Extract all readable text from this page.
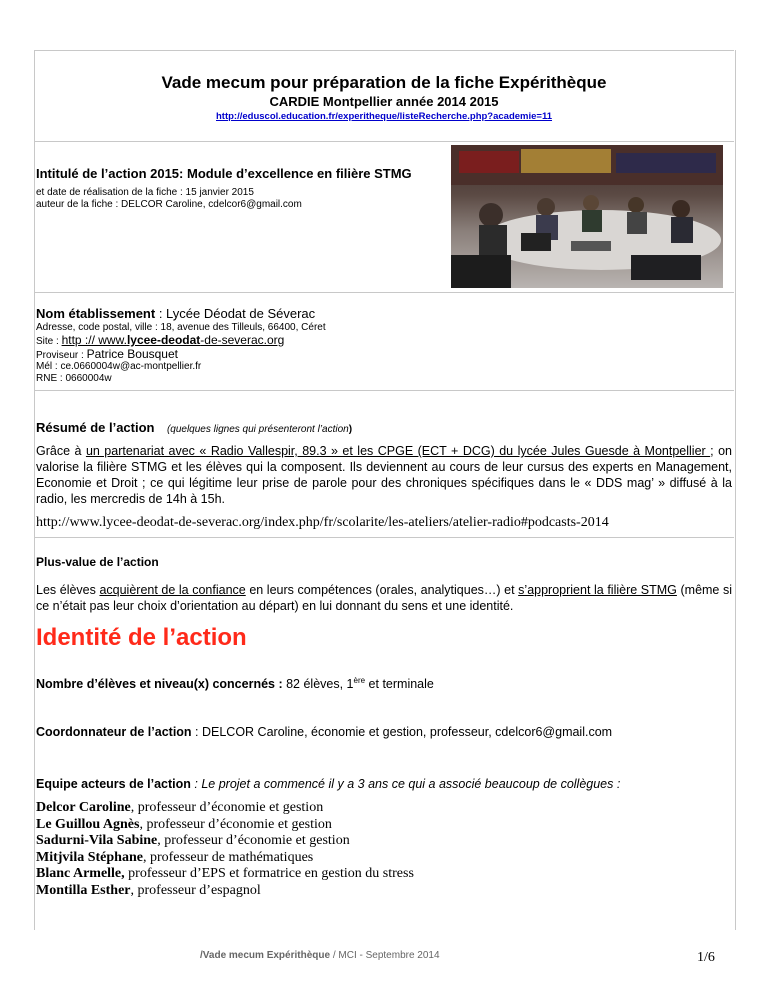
Vade mecum pour préparation de la fiche Expérithèque
CARDIE Montpellier année 2014 2015
http://eduscol.education.fr/experitheque/listeRecherche.php?academie=11
Intitulé de l’action 2015: Module d’excellence en filière STMG
et date de réalisation de la fiche : 15 janvier 2015
auteur de la fiche : DELCOR Caroline, cdelcor6@gmail.com
Nom établissement : Lycée Déodat de Séverac
Adresse, code postal, ville : 18, avenue des Tilleuls, 66400, Céret
Site : http :// www.lycee-deodat-de-severac.org
Proviseur : Patrice Bousquet
Mél : ce.0660004w@ac-montpellier.fr
RNE : 0660004w
Résumé de l’action (quelques lignes qui présenteront l’action)
Grâce à un partenariat avec « Radio Vallespir, 89.3 » et les CPGE (ECT + DCG) du lycée Jules Guesde à Montpellier ; on valorise la filière STMG et les élèves qui la composent. Ils deviennent au cours de leur cursus des experts en Management, Economie et Droit ; ce qui légitime leur prise de parole pour des chroniques spécifiques dans le « DDS mag’ » diffusé à la radio, les mercredis de 14h à 15h.
http://www.lycee-deodat-de-severac.org/index.php/fr/scolarite/les-ateliers/atelier-radio#podcasts-2014
Plus-value de l’action
Les élèves acquièrent de la confiance en leurs compétences (orales, analytiques…) et s’approprient la filière STMG (même si ce n’était pas leur choix d’orientation au départ) en lui donnant du sens et une identité.
Identité de l’action
Nombre d’élèves et niveau(x) concernés : 82 élèves, 1ère et terminale
Coordonnateur de l’action : DELCOR Caroline, économie et gestion, professeur, cdelcor6@gmail.com
Equipe acteurs de l’action : Le projet a commencé il y a 3 ans ce qui a associé beaucoup de collègues :
Delcor Caroline, professeur d’économie et gestion
Le Guillou Agnès, professeur d’économie et gestion
Sadurni-Vila Sabine, professeur d’économie et gestion
Mitjvila Stéphane, professeur de mathématiques
Blanc Armelle, professeur d’EPS et formatrice en gestion du stress
Montilla Esther, professeur d’espagnol
/Vade mecum Expérithèque / MCI - Septembre 2014	1/6
